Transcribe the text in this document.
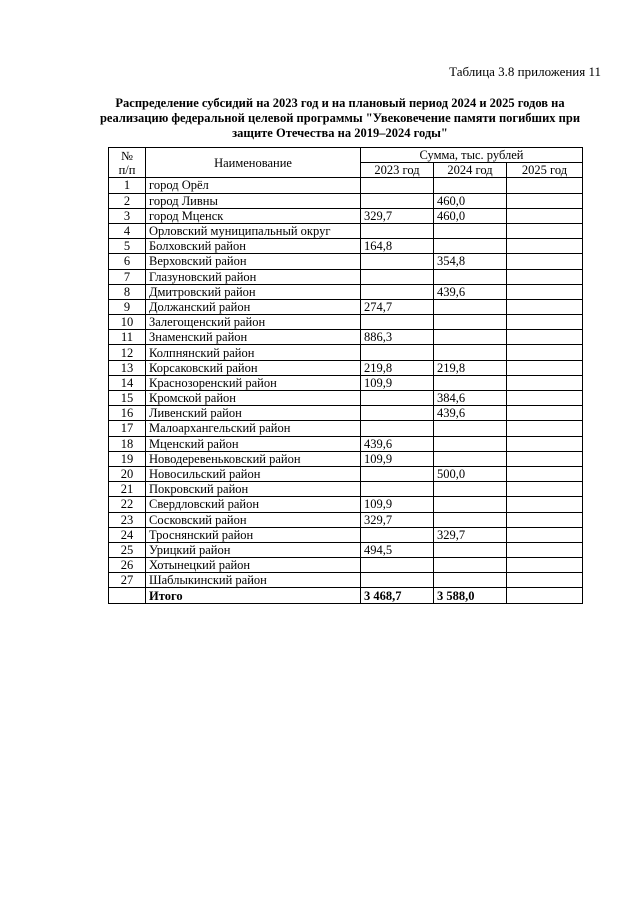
Таблица 3.8 приложения 11
Распределение субсидий на 2023 год и на плановый период 2024 и 2025 годов на
реализацию федеральной целевой программы "Увековечение памяти погибших при
защите Отечества на 2019–2024 годы"
№
п/п	Наименование	Сумма, тыс. рублей		
		2023 год	2024 год	2025 год
1	город Орёл			
2	город Ливны		460,0	
3	город Мценск	329,7	460,0	
4	Орловский муниципальный округ			
5	Болховский район	164,8		
6	Верховский район		354,8	
7	Глазуновский район			
8	Дмитровский район		439,6	
9	Должанский район	274,7		
10	Залегощенский район			
11	Знаменский район	886,3		
12	Колпнянский район			
13	Корсаковский район	219,8	219,8	
14	Краснозоренский район	109,9		
15	Кромской район		384,6	
16	Ливенский район		439,6	
17	Малоархангельский район			
18	Мценский район	439,6		
19	Новодеревеньковский район	109,9		
20	Новосильский район		500,0	
21	Покровский район			
22	Свердловский район	109,9		
23	Сосковский район	329,7		
24	Троснянский район		329,7	
25	Урицкий район	494,5		
26	Хотынецкий район			
27	Шаблыкинский район			
	Итого	3 468,7	3 588,0	
